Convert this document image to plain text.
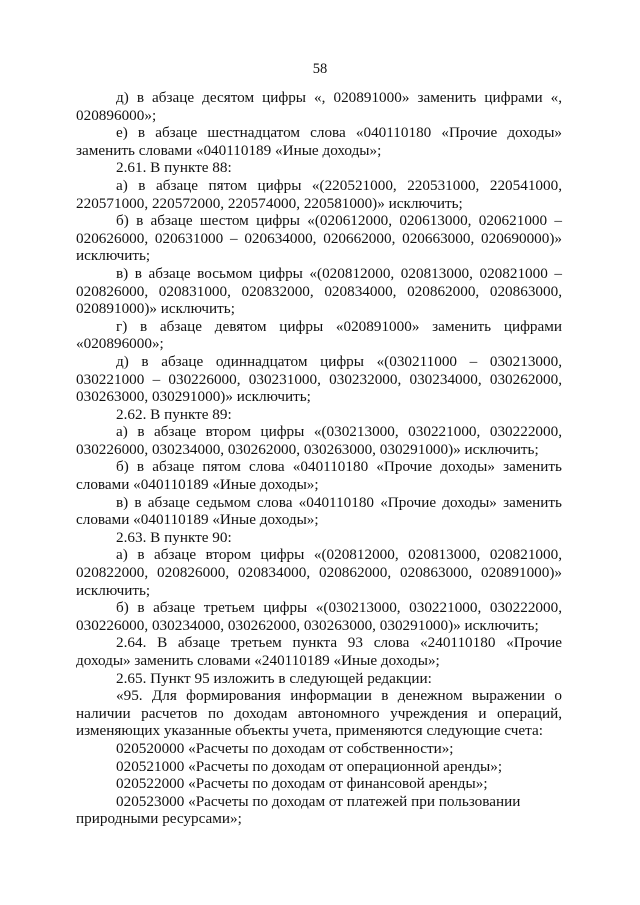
58

д) в абзаце десятом цифры «, 020891000» заменить цифрами «, 020896000»;

е) в абзаце шестнадцатом слова «040110180 «Прочие доходы» заменить словами «040110189 «Иные доходы»;

2.61. В пункте 88:

а) в абзаце пятом цифры «(220521000, 220531000, 220541000, 220571000, 220572000, 220574000, 220581000)» исключить;

б) в абзаце шестом цифры «(020612000, 020613000, 020621000 – 020626000, 020631000 – 020634000, 020662000, 020663000, 020690000)» исключить;

в) в абзаце восьмом цифры «(020812000, 020813000, 020821000 – 020826000, 020831000, 020832000, 020834000, 020862000, 020863000, 020891000)» исключить;

г) в абзаце девятом цифры «020891000» заменить цифрами «020896000»;

д) в абзаце одиннадцатом цифры «(030211000 – 030213000, 030221000 – 030226000, 030231000, 030232000, 030234000, 030262000, 030263000, 030291000)» исключить;

2.62. В пункте 89:

а) в абзаце втором цифры «(030213000, 030221000, 030222000, 030226000, 030234000, 030262000, 030263000, 030291000)» исключить;

б) в абзаце пятом слова «040110180 «Прочие доходы» заменить словами «040110189 «Иные доходы»;

в) в абзаце седьмом слова «040110180 «Прочие доходы» заменить словами «040110189 «Иные доходы»;

2.63. В пункте 90:

а) в абзаце втором цифры «(020812000, 020813000, 020821000, 020822000, 020826000, 020834000, 020862000, 020863000, 020891000)» исключить;

б) в абзаце третьем цифры «(030213000, 030221000, 030222000, 030226000, 030234000, 030262000, 030263000, 030291000)» исключить;

2.64. В абзаце третьем пункта 93 слова «240110180 «Прочие доходы» заменить словами «240110189 «Иные доходы»;

2.65. Пункт 95 изложить в следующей редакции:

«95. Для формирования информации в денежном выражении о наличии расчетов по доходам автономного учреждения и операций, изменяющих указанные объекты учета, применяются следующие счета:

020520000 «Расчеты по доходам от собственности»;

020521000 «Расчеты по доходам от операционной аренды»;

020522000 «Расчеты по доходам от финансовой аренды»;

020523000 «Расчеты по доходам от платежей при пользовании природными ресурсами»;
